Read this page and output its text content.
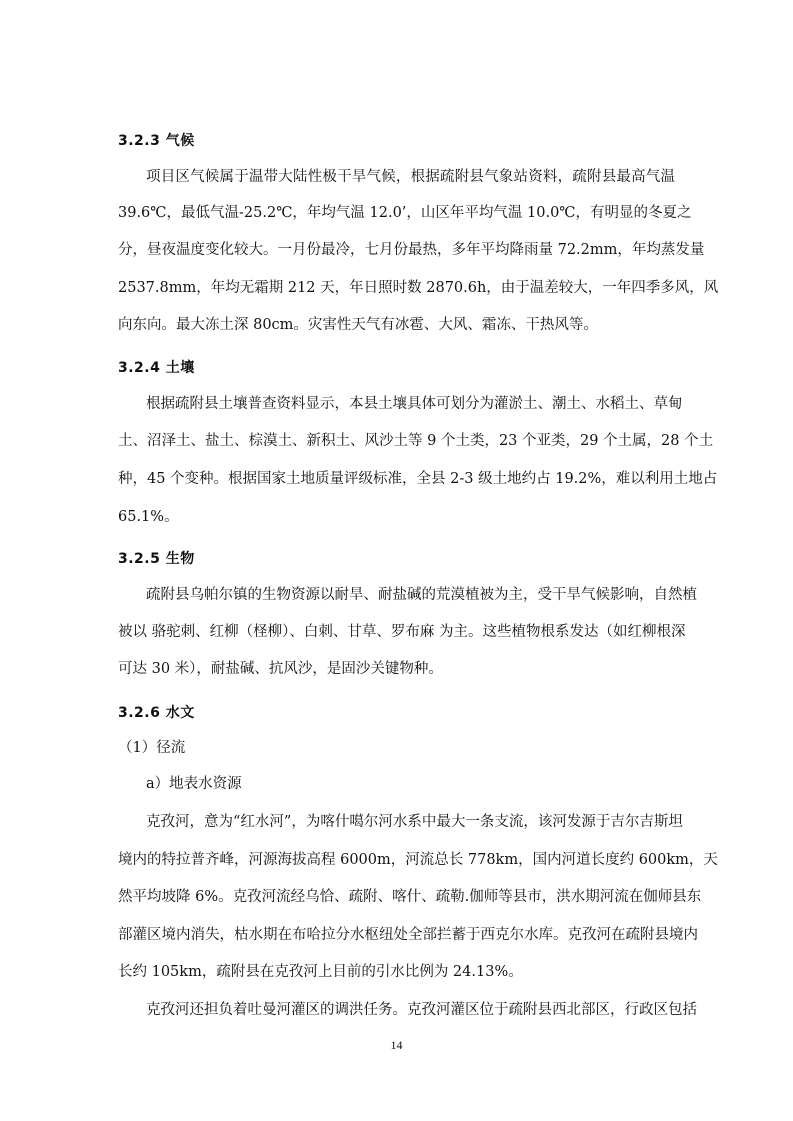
3.2.3 气候
项目区气候属于温带大陆性极干旱气候，根据疏附县气象站资料，疏附县最高气温
39.6℃，最低气温-25.2℃，年均气温 12.0’，山区年平均气温 10.0℃，有明显的冬夏之
分，昼夜温度变化较大。一月份最冷，七月份最热，多年平均降雨量 72.2mm，年均蒸发量
2537.8mm，年均无霜期 212 天，年日照时数 2870.6h，由于温差较大，一年四季多风，风
向东向。最大冻土深 80cm。灾害性天气有冰雹、大风、霜冻、干热风等。
3.2.4 土壤
根据疏附县土壤普查资料显示，本县土壤具体可划分为灌淤土、潮土、水稻土、草甸
土、沼泽土、盐土、棕漠土、新积土、风沙土等 9 个土类，23 个亚类，29 个土属，28 个土
种，45 个变种。根据国家土地质量评级标准，全县 2-3 级土地约占 19.2%，难以利用土地占
65.1%。
3.2.5 生物
疏附县乌帕尔镇的生物资源以耐旱、耐盐碱的荒漠植被为主，受干旱气候影响，自然植
被以 骆驼刺、红柳（柽柳）、白刺、甘草、罗布麻 为主。这些植物根系发达（如红柳根深
可达 30 米），耐盐碱、抗风沙，是固沙关键物种。
3.2.6 水文
（1）径流
a）地表水资源
克孜河，意为“红水河”，为喀什噶尔河水系中最大一条支流，该河发源于吉尔吉斯坦
境内的特拉普齐峰，河源海拔高程 6000m，河流总长 778km，国内河道长度约 600km，天
然平均坡降 6%。克孜河流经乌恰、疏附、喀什、疏勒.伽师等县市，洪水期河流在伽师县东
部灌区境内消失，枯水期在布哈拉分水枢纽处全部拦蓄于西克尔水库。克孜河在疏附县境内
长约 105km，疏附县在克孜河上目前的引水比例为 24.13%。
克孜河还担负着吐曼河灌区的调洪任务。克孜河灌区位于疏附县西北部区，行政区包括
14
